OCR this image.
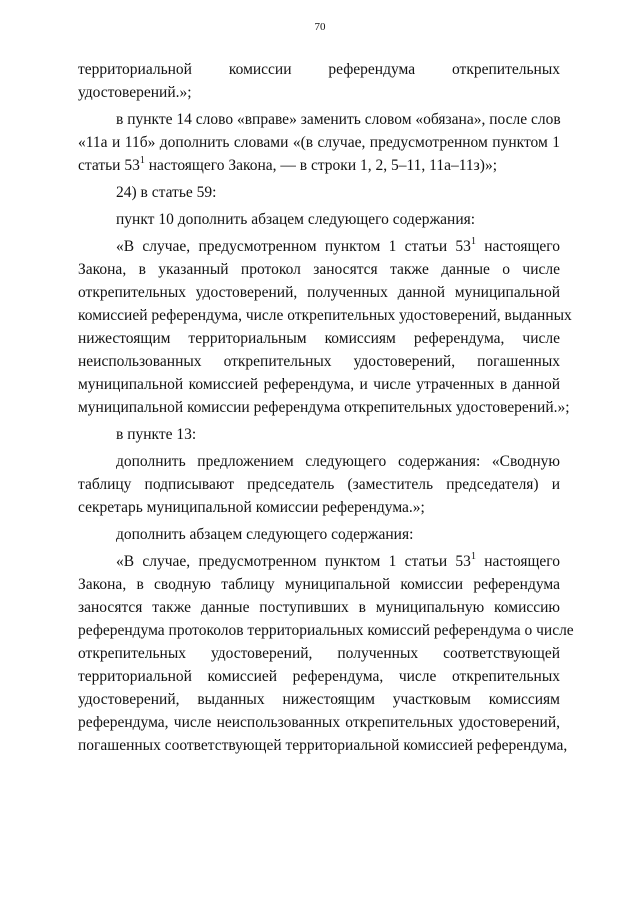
70
территориальной комиссии референдума открепительных
удостоверений.»;
в пункте 14 слово «вправе» заменить словом «обязана», после слов
«11а и 11б» дополнить словами «(в случае, предусмотренном пунктом 1
статьи $53^1$ настоящего Закона, — в строки 1, 2, 5–11, 11а–11з)»;
24) в статье 59:
пункт 10 дополнить абзацем следующего содержания:
«В случае, предусмотренном пунктом 1 статьи $53^1$ настоящего
Закона, в указанный протокол заносятся также данные о числе
открепительных удостоверений, полученных данной муниципальной
комиссией референдума, числе открепительных удостоверений, выданных
нижестоящим территориальным комиссиям референдума, числе
неиспользованных открепительных удостоверений, погашенных
муниципальной комиссией референдума, и числе утраченных в данной
муниципальной комиссии референдума открепительных удостоверений.»;
в пункте 13:
дополнить предложением следующего содержания: «Сводную
таблицу подписывают председатель (заместитель председателя) и
секретарь муниципальной комиссии референдума.»;
дополнить абзацем следующего содержания:
«В случае, предусмотренном пунктом 1 статьи $53^1$ настоящего
Закона, в сводную таблицу муниципальной комиссии референдума
заносятся также данные поступивших в муниципальную комиссию
референдума протоколов территориальных комиссий референдума о числе
открепительных удостоверений, полученных соответствующей
территориальной комиссией референдума, числе открепительных
удостоверений, выданных нижестоящим участковым комиссиям
референдума, числе неиспользованных открепительных удостоверений,
погашенных соответствующей территориальной комиссией референдума,
